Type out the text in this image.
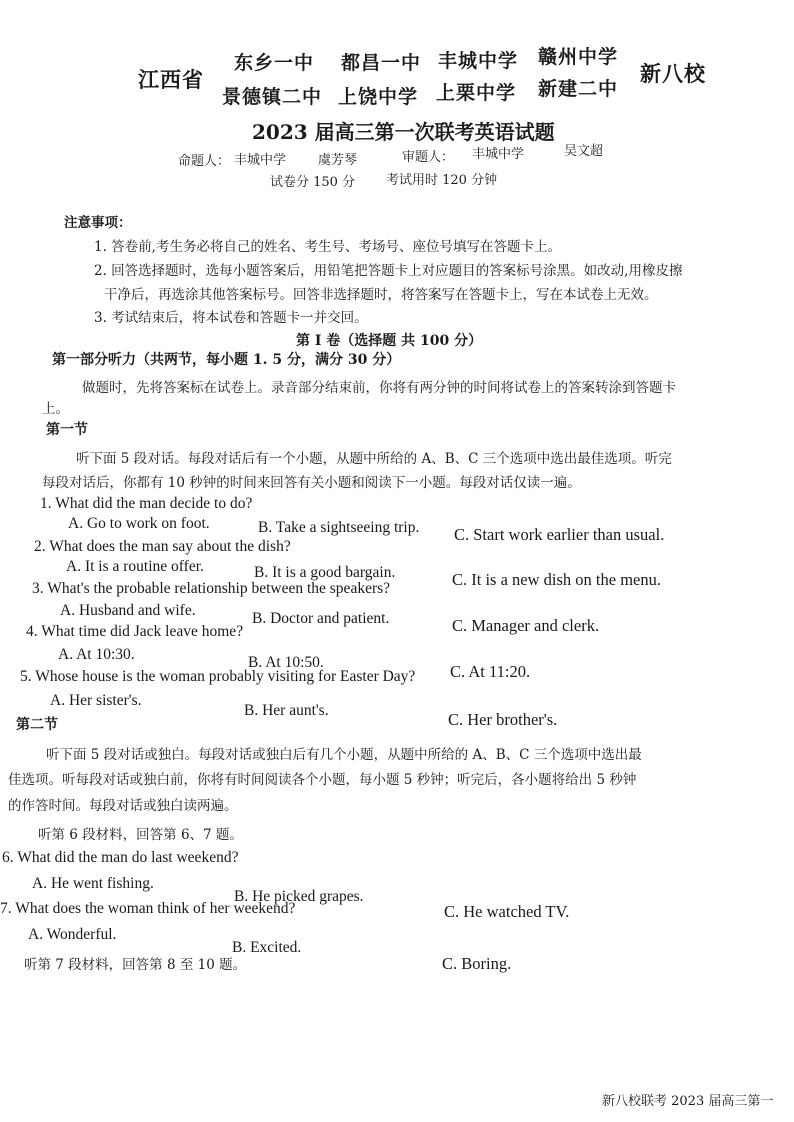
江西省
东乡一中 都昌一中 丰城中学 赣州中学
景德镇二中 上饶中学 上栗中学 新建二中
新八校
2023 届高三第一次联考英语试题
命题人： 丰城中学 虞芳琴	审题人： 丰城中学	吴文超
试卷分 150 分 考试用时 120 分钟
注意事项：
1. 答卷前,考生务必将自己的姓名、考生号、考场号、座位号填写在答题卡上。
2. 回答选择题时，选每小题答案后，用铅笔把答题卡上对应题目的答案标号涂黑。如改动,用橡皮擦
干净后，再选涂其他答案标号。回答非选择题时，将答案写在答题卡上，写在本试卷上无效。
3. 考试结束后，将本试卷和答题卡一并交回。
第 I 卷（选择题 共 100 分）
第一部分听力（共两节，每小题 1. 5 分，满分 30 分）
做题时，先将答案标在试卷上。录音部分结束前，你将有两分钟的时间将试卷上的答案转涂到答题卡
上。
第一节
听下面 5 段对话。每段对话后有一个小题，从题中所给的 A、B、C 三个选项中选出最佳选项。听完
每段对话后，你都有 10 秒钟的时间来回答有关小题和阅读下一小题。每段对话仅读一遍。
1. What did the man decide to do?
A. Go to work on foot.	B. Take a sightseeing trip. C. Start work earlier than usual.
2. What does the man say about the dish?
A. It is a routine offer.	B. It is a good bargain.	C. It is a new dish on the menu.
3. What's the probable relationship between the speakers?
A. Husband and wife.	B. Doctor and patient.	C. Manager and clerk.
4. What time did Jack leave home?
A. At 10:30.	B. At 10:50.	C. At 11:20.
5. Whose house is the woman probably visiting for Easter Day?
A. Her sister's.
B. Her aunt's.	C. Her brother's.
第二节
听下面 5 段对话或独白。每段对话或独白后有几个小题，从题中所给的 A、B、C 三个选项中选出最
佳选项。听每段对话或独白前，你将有时间阅读各个小题，每小题 5 秒钟；听完后，各小题将给出 5 秒钟
的作答时间。每段对话或独白读两遍。
听第 6 段材料，回答第 6、7 题。
6. What did the man do last weekend?
A. He went fishing.
B. He picked grapes.
C. He watched TV.
7. What does the woman think of her weekend?
A. Wonderful.
B. Excited.
C. Boring.
听第 7 段材料，回答第 8 至 10 题。
新八校联考 2023 届高三第一
